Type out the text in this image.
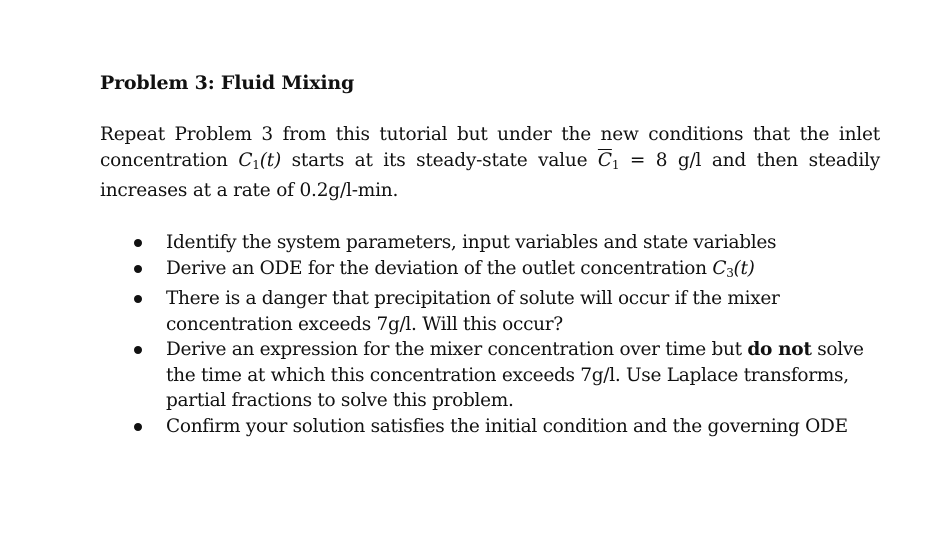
Problem 3: Fluid Mixing

Repeat Problem 3 from this tutorial but under the new conditions that the inlet concentration $C_1(t)$ starts at its steady-state value $\overline{C}_1 = 8$ g/l and then steadily increases at a rate of 0.2g/l-min.

Identify the system parameters, input variables and state variables
Derive an ODE for the deviation of the outlet concentration $C_3(t)$
There is a danger that precipitation of solute will occur if the mixer concentration exceeds 7g/l. Will this occur?
Derive an expression for the mixer concentration over time but do not solve the time at which this concentration exceeds 7g/l. Use Laplace transforms, partial fractions to solve this problem.
Confirm your solution satisfies the initial condition and the governing ODE
